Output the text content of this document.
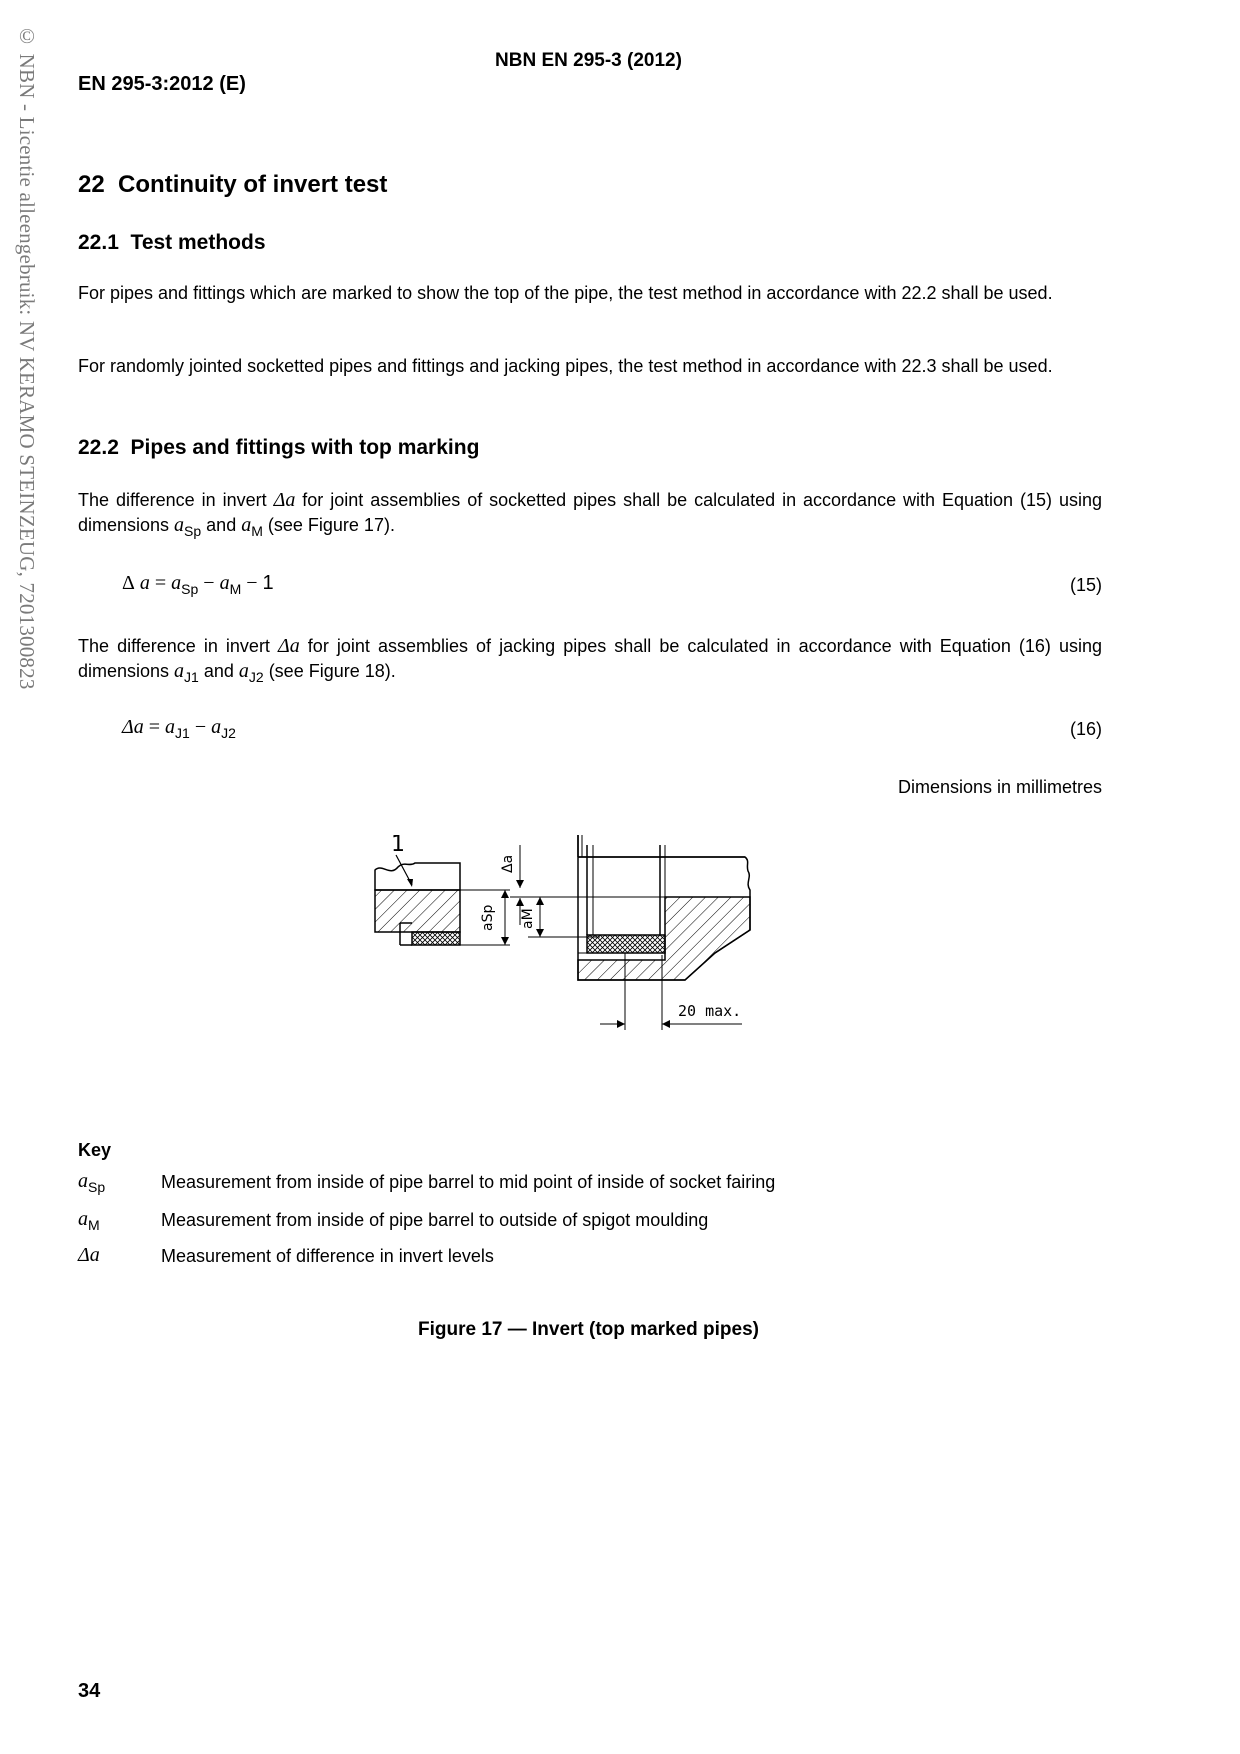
© NBN - Licentie alleengebruik: NV KERAMO STEINZEUG, 7201300823	NBN EN 295-3 (2012)
EN 295-3:2012 (E)
22 Continuity of invert test
22.1 Test methods
For pipes and fittings which are marked to show the top of the pipe, the test method in accordance with 22.2 shall be used.
For randomly jointed socketted pipes and fittings and jacking pipes, the test method in accordance with 22.3 shall be used.
22.2 Pipes and fittings with top marking
The difference in invert Δa for joint assemblies of socketted pipes shall be calculated in accordance with Equation (15) using dimensions $a_{Sp}$ and $a_M$ (see Figure 17).
Δ $a = a_{Sp} - a_M - 1$	(15)
The difference in invert Δa for joint assemblies of jacking pipes shall be calculated in accordance with Equation (16) using dimensions $a_{J1}$ and $a_{J2}$ (see Figure 18).
$\Delta a = a_{J1} - a_{J2}$	(16)
Dimensions in millimetres
1
Δa
aSp aM
20 max.
Key
$a_{Sp}$	Measurement from inside of pipe barrel to mid point of inside of socket fairing
$a_M$	Measurement from inside of pipe barrel to outside of spigot moulding
Δa	Measurement of difference in invert levels
Figure 17 — Invert (top marked pipes)
34
